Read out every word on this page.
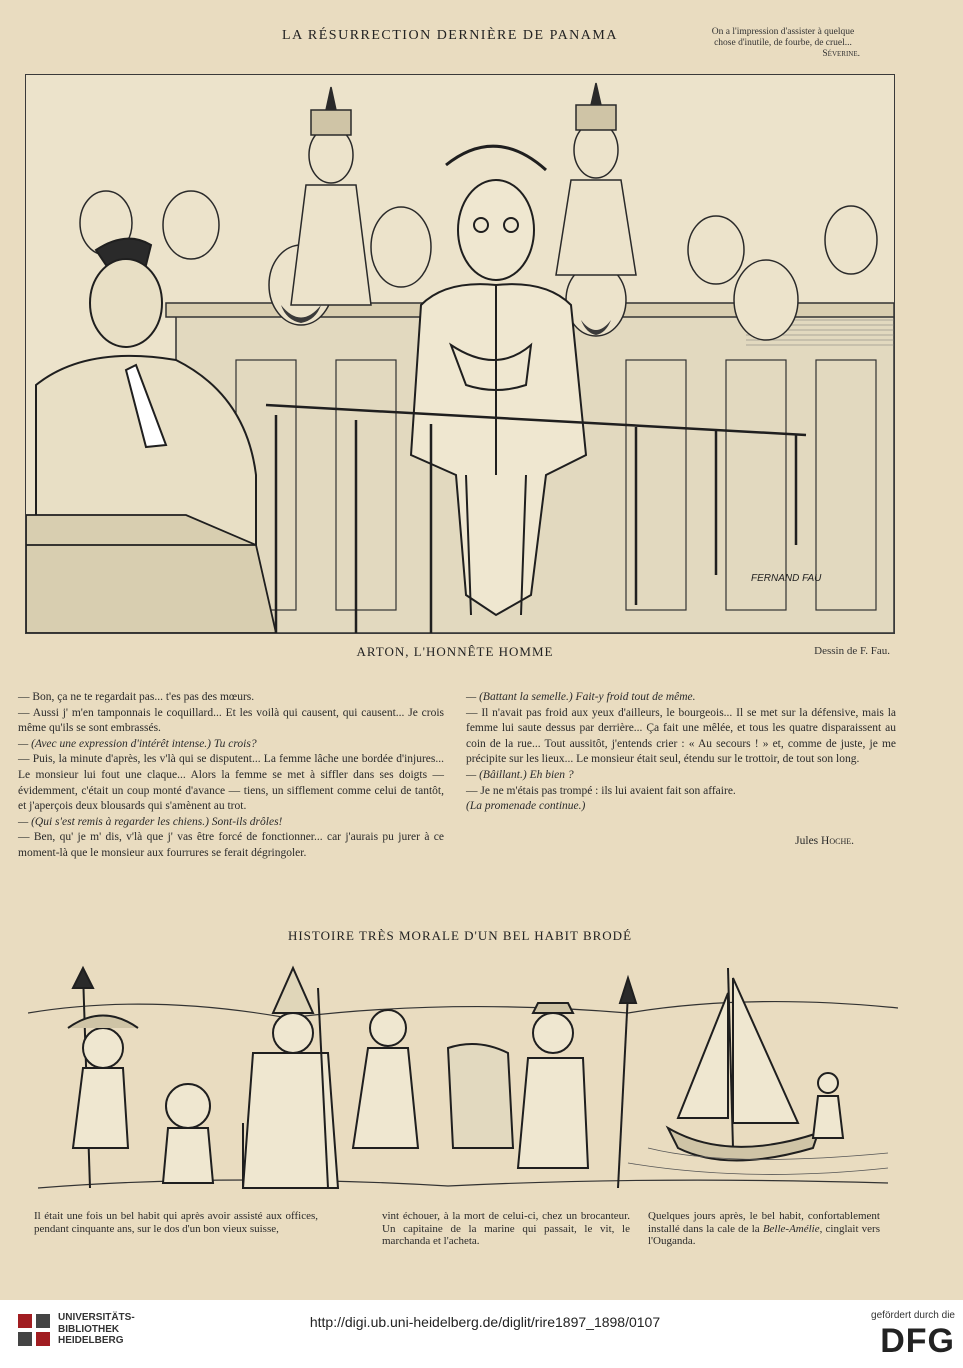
LA RÉSURRECTION DERNIÈRE DE PANAMA	On a l'impression d'assister à quelque
chose d'inutile, de fourbe, de cruel...
Séverine.
FERNAND FAU
ARTON, L'HONNÊTE HOMME	Dessin de F. Fau.

— Bon, ça ne te regardait pas... t'es pas des mœurs.

— Aussi j' m'en tamponnais le coquillard... Et les voilà qui causent, qui causent... Je crois même qu'ils se sont embrassés.

— (Avec une expression d'intérêt intense.) Tu crois?

— Puis, la minute d'après, les v'là qui se disputent... La femme lâche une bordée d'injures... Le monsieur lui fout une claque... Alors la femme se met à siffler dans ses doigts — évidemment, c'était un coup monté d'avance — tiens, un sifflement comme celui de tantôt, et j'aperçois deux blousards qui s'amènent au trot.

— (Qui s'est remis à regarder les chiens.) Sont-ils drôles!

— Ben, qu' je m' dis, v'là que j' vas être forcé de fonctionner... car j'aurais pu jurer à ce moment-là que le monsieur aux fourrures se ferait dégringoler.

— (Battant la semelle.) Fait-y froid tout de même.

— Il n'avait pas froid aux yeux d'ailleurs, le bourgeois... Il se met sur la défensive, mais la femme lui saute dessus par derrière... Ça fait une mêlée, et tous les quatre disparaissent au coin de la rue... Tout aussitôt, j'entends crier : « Au secours ! » et, comme de juste, je me précipite sur les lieux... Le monsieur était seul, étendu sur le trottoir, de tout son long.

— (Bâillant.) Eh bien ?

— Je ne m'étais pas trompé : ils lui avaient fait son affaire.

(La promenade continue.)

Jules Hoche.

HISTOIRE TRÈS MORALE D'UN BEL HABIT BRODÉ
Il était une fois un bel habit qui après avoir assisté aux offices, pendant cinquante ans, sur le dos d'un bon vieux suisse,
vint échouer, à la mort de celui-ci, chez un brocanteur. Un capitaine de la marine qui passait, le vit, le marchanda et l'acheta.
Quelques jours après, le bel habit, confortablement installé dans la cale de la Belle-Amélie, cinglait vers l'Ouganda.
UNIVERSITÄTS-
BIBLIOTHEK
HEIDELBERG
http://digi.ub.uni-heidelberg.de/diglit/rire1897_1898/0107	gefördert durch die
DFG
